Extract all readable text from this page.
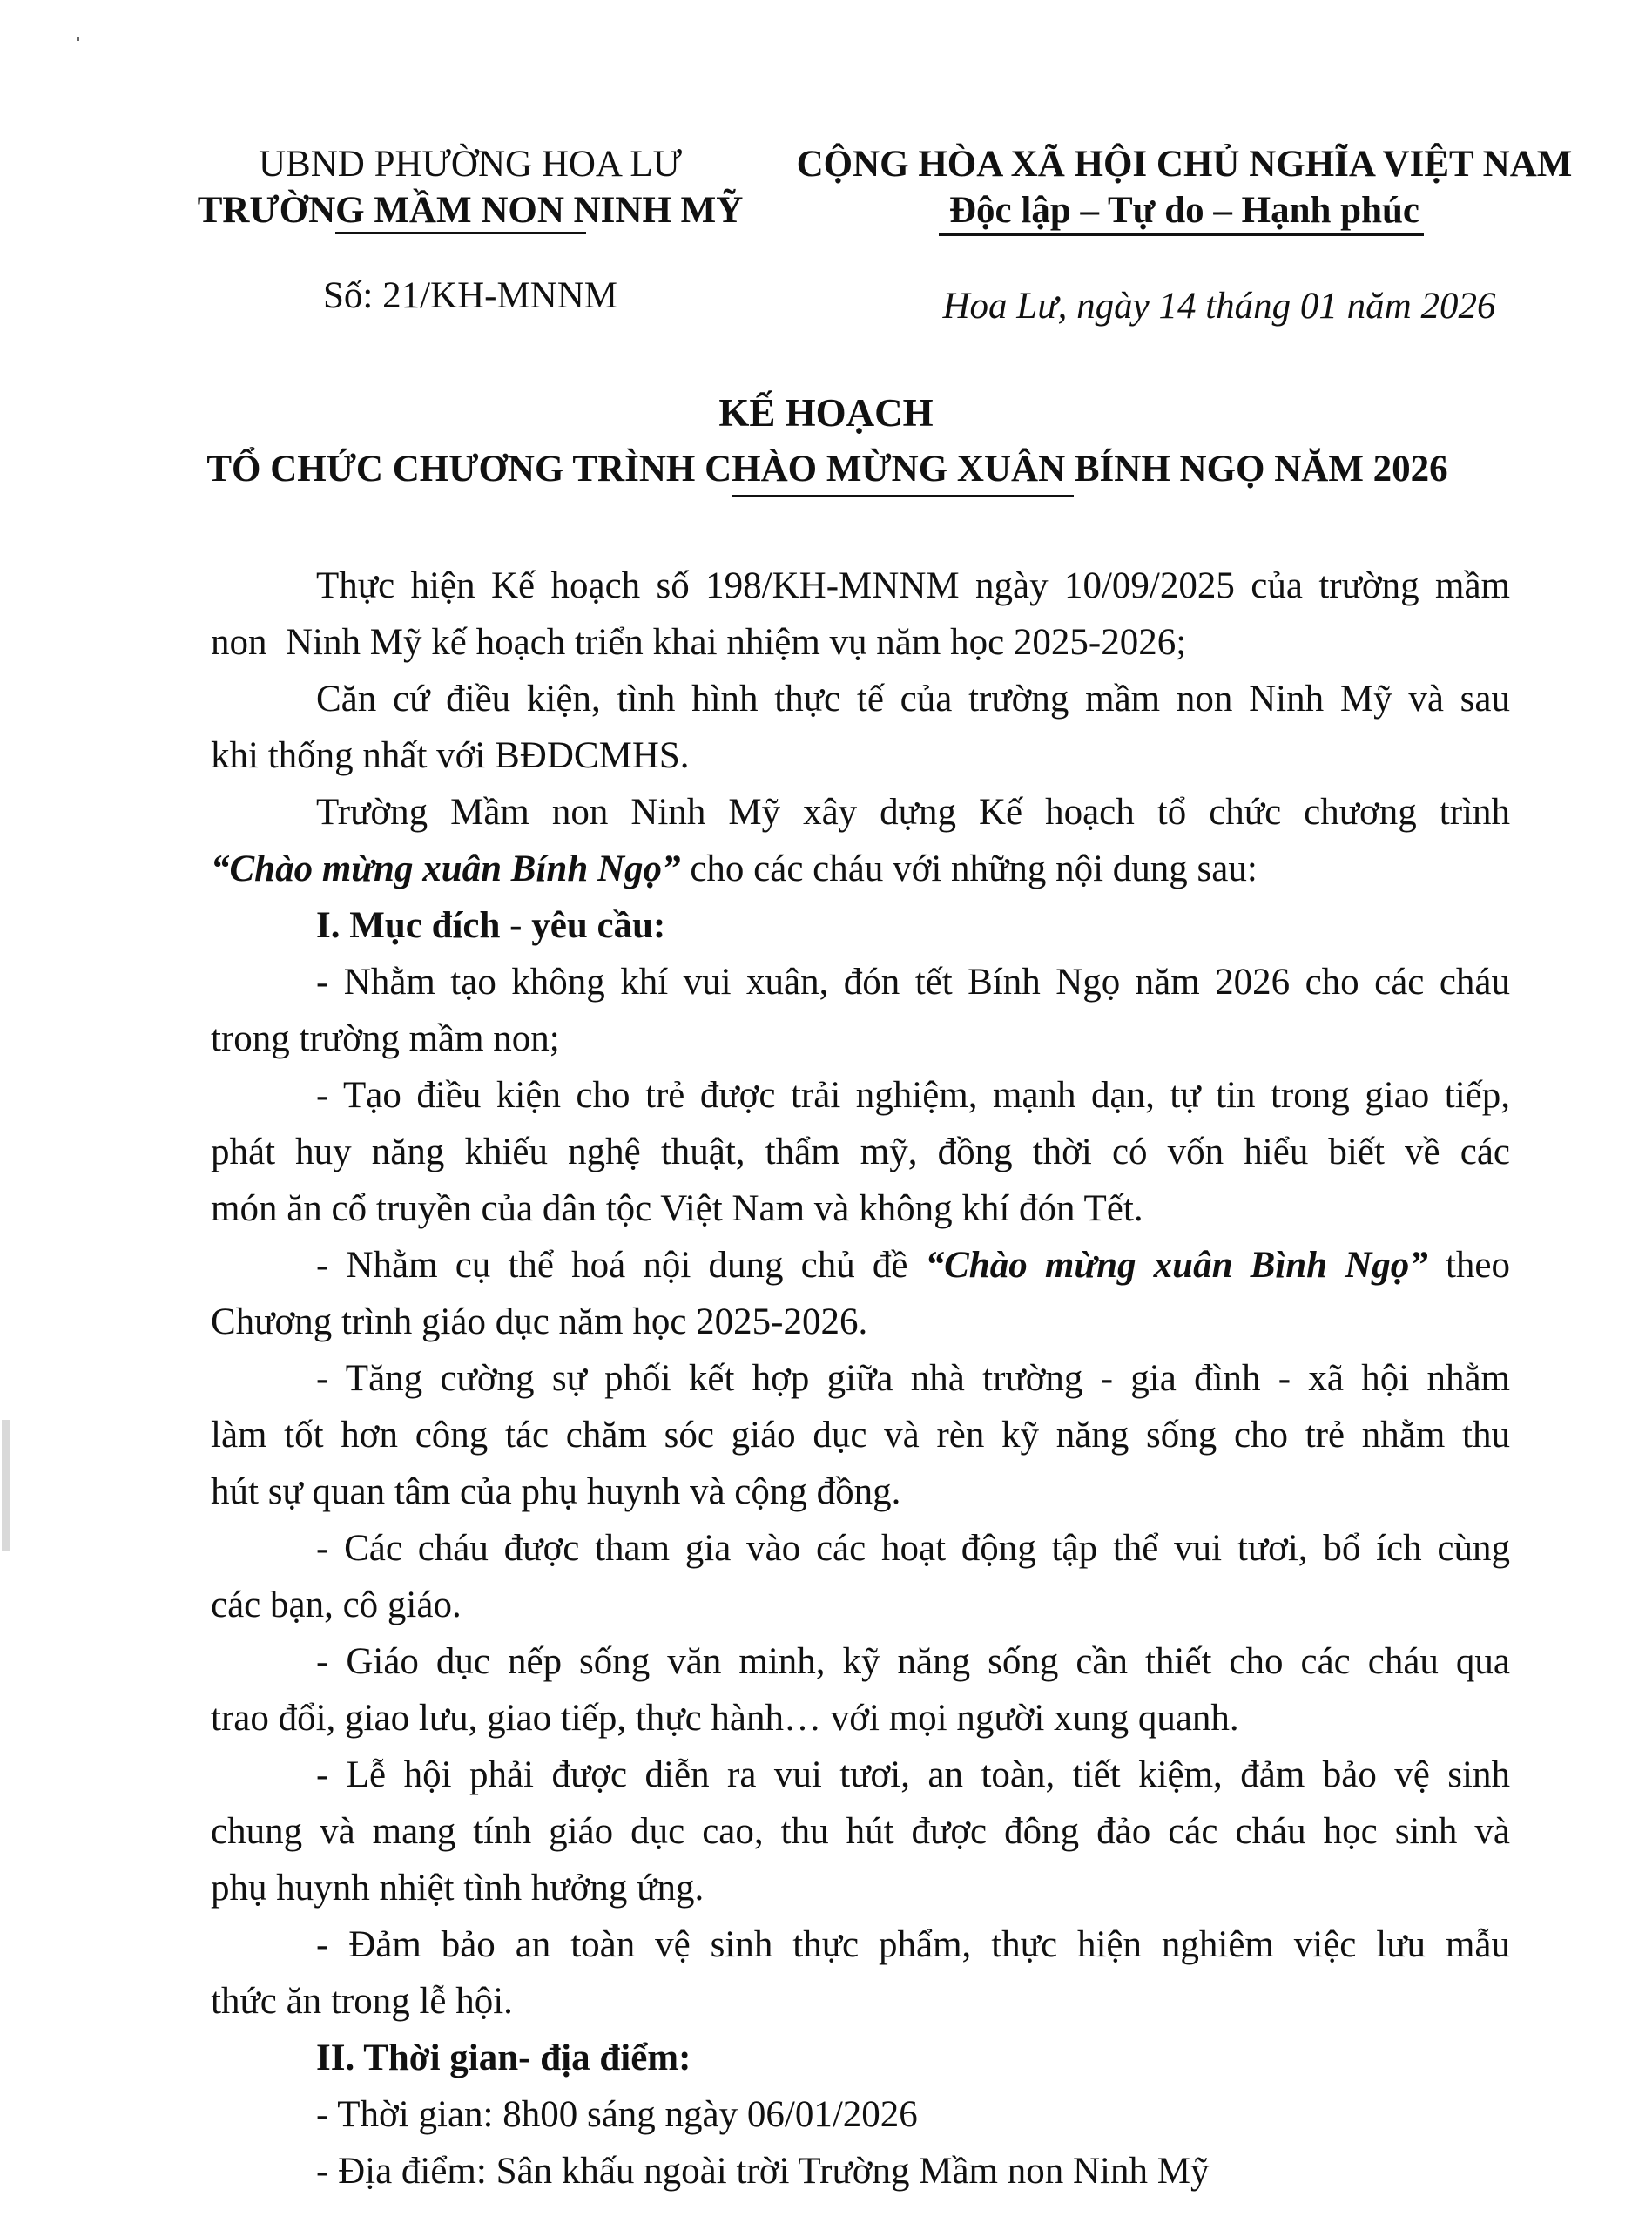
UBND PHƯỜNG HOA LƯ
TRƯỜNG MẦM NON NINH MỸ
CỘNG HÒA XÃ HỘI CHỦ NGHĨA VIỆT NAM
Độc lập – Tự do – Hạnh phúc
Số: 21/KH-MNNM	Hoa Lư, ngày 14 tháng 01 năm 2026
KẾ HOẠCH
TỔ CHỨC CHƯƠNG TRÌNH CHÀO MỪNG XUÂN BÍNH NGỌ NĂM 2026
Thực hiện Kế hoạch số 198/KH-MNNM ngày 10/09/2025 của trường mầm
non  Ninh Mỹ kế hoạch triển khai nhiệm vụ năm học 2025-2026;
Căn cứ điều kiện, tình hình thực tế của trường mầm non Ninh Mỹ và sau
khi thống nhất với BĐDCMHS.
Trường Mầm non Ninh Mỹ xây dựng Kế hoạch tổ chức chương trình
“Chào mừng xuân Bính Ngọ” cho các cháu với những nội dung sau:
I. Mục đích - yêu cầu:
- Nhằm tạo không khí vui xuân, đón tết Bính Ngọ năm 2026 cho các cháu
trong trường mầm non;
- Tạo điều kiện cho trẻ được trải nghiệm, mạnh dạn, tự tin trong giao tiếp,
phát huy năng khiếu nghệ thuật, thẩm mỹ, đồng thời có vốn hiểu biết về các
món ăn cổ truyền của dân tộc Việt Nam và không khí đón Tết.
- Nhằm cụ thể hoá nội dung chủ đề “Chào mừng xuân Bình Ngọ” theo
Chương trình giáo dục năm học 2025-2026.
- Tăng cường sự phối kết hợp giữa nhà trường - gia đình - xã hội nhằm
làm tốt hơn công tác chăm sóc giáo dục và rèn kỹ năng sống cho trẻ nhằm thu
hút sự quan tâm của phụ huynh và cộng đồng.
- Các cháu được tham gia vào các hoạt động tập thể vui tươi, bổ ích cùng
các bạn, cô giáo.
- Giáo dục nếp sống văn minh, kỹ năng sống cần thiết cho các cháu qua
trao đổi, giao lưu, giao tiếp, thực hành… với mọi người xung quanh.
- Lễ hội phải được diễn ra vui tươi, an toàn, tiết kiệm, đảm bảo vệ sinh
chung và mang tính giáo dục cao, thu hút được đông đảo các cháu học sinh và
phụ huynh nhiệt tình hưởng ứng.
- Đảm bảo an toàn vệ sinh thực phẩm, thực hiện nghiêm việc lưu mẫu
thức ăn trong lễ hội.
II. Thời gian- địa điểm:
- Thời gian: 8h00 sáng ngày 06/01/2026
- Địa điểm: Sân khấu ngoài trời Trường Mầm non Ninh Mỹ
